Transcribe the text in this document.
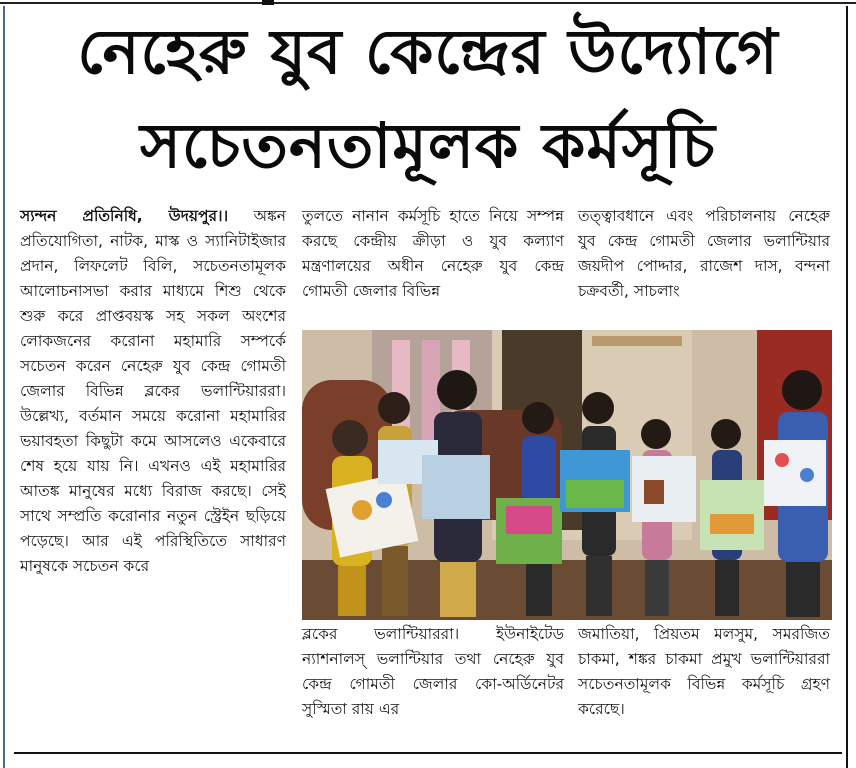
নেহেরু যুব কেন্দ্রের উদ্যোগে
সচেতনতামূলক কর্মসূচি

স্যন্দন প্রতিনিধি, উদয়পুর।। অঙ্কন প্রতিযোগিতা, নাটক, মাস্ক ও স্যানিটাইজার প্রদান, লিফলেট বিলি, সচেতনতামূলক আলোচনাসভা করার মাধ্যমে শিশু থেকে শুরু করে প্রাপ্তবয়স্ক সহ সকল অংশের লোকজনের করোনা মহামারি সম্পর্কে সচেতন করেন নেহেরু যুব কেন্দ্র গোমতী জেলার বিভিন্ন ব্লকের ভলান্টিয়াররা। উল্লেখ্য, বর্তমান সময়ে করোনা মহামারির ভয়াবহতা কিছুটা কমে আসলেও একেবারে শেষ হয়ে যায় নি। এখনও এই মহামারির আতঙ্ক মানুষের মধ্যে বিরাজ করছে। সেই সাথে সম্প্রতি করোনার নতুন স্ট্রেইন ছড়িয়ে পড়েছে। আর এই পরিস্থিতিতে সাধারণ মানুষকে সচেতন করে

তুলতে নানান কর্মসূচি হাতে নিয়ে সম্পন্ন করছে কেন্দ্রীয় ক্রীড়া ও যুব কল্যাণ মন্ত্রণালয়ের অধীন নেহেরু যুব কেন্দ্র গোমতী জেলার বিভিন্ন

তত্ত্বাবধানে এবং পরিচালনায় নেহেরু যুব কেন্দ্র গোমতী জেলার ভলান্টিয়ার জয়দীপ পোদ্দার, রাজেশ দাস, বন্দনা চক্রবর্তী, সাচলাং

ব্লকের ভলান্টিয়াররা। ইউনাইটেড ন্যাশনালস্ ভলান্টিয়ার তথা নেহেরু যুব কেন্দ্র গোমতী জেলার কো-অর্ডিনেটর সুস্মিতা রায় এর

জমাতিয়া, প্রিয়তম মলসুম, সমরজিত চাকমা, শঙ্কর চাকমা প্রমুখ ভলান্টিয়াররা সচেতনতামূলক বিভিন্ন কর্মসূচি গ্রহণ করেছে।
